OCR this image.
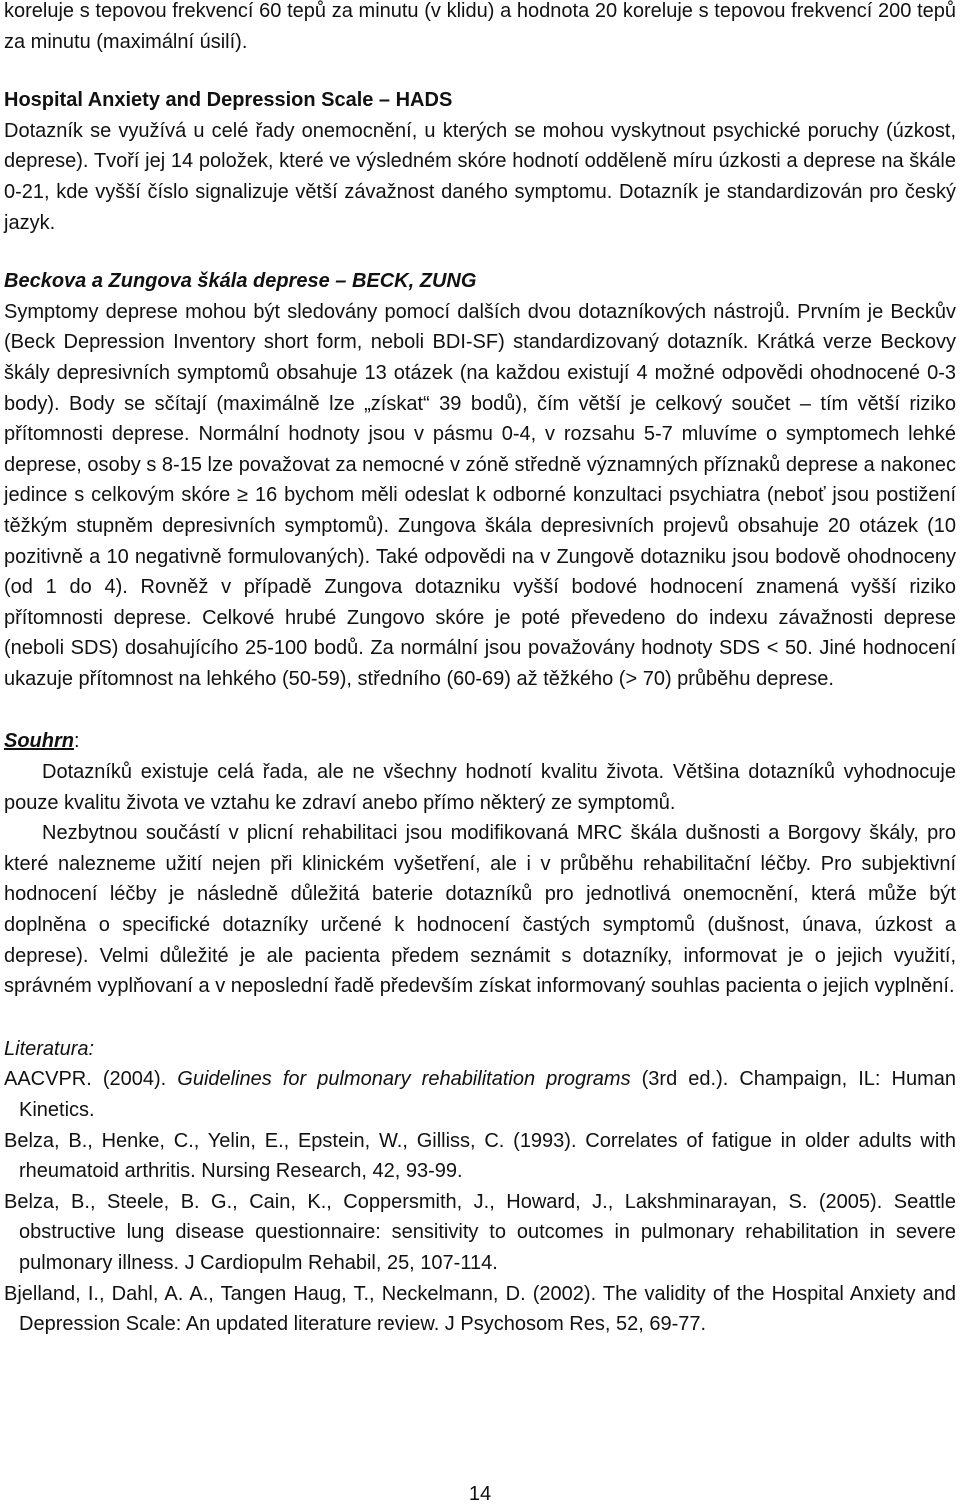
koreluje s tepovou frekvencí 60 tepů za minutu (v klidu) a hodnota 20 koreluje s tepovou frekvencí 200 tepů za minutu (maximální úsilí).

Hospital Anxiety and Depression Scale – HADS

Dotazník se využívá u celé řady onemocnění, u kterých se mohou vyskytnout psychické poruchy (úzkost, deprese). Tvoří jej 14 položek, které ve výsledném skóre hodnotí odděleně míru úzkosti a deprese na škále 0-21, kde vyšší číslo signalizuje větší závažnost daného symptomu. Dotazník je standardizován pro český jazyk.

Beckova a Zungova škála deprese – BECK, ZUNG

Symptomy deprese mohou být sledovány pomocí dalších dvou dotazníkových nástrojů. Prvním je Beckův (Beck Depression Inventory short form, neboli BDI-SF) standardizovaný dotazník. Krátká verze Beckovy škály depresivních symptomů obsahuje 13 otázek (na každou existují 4 možné odpovědi ohodnocené 0-3 body). Body se sčítají (maximálně lze „získat“ 39 bodů), čím větší je celkový součet – tím větší riziko přítomnosti deprese. Normální hodnoty jsou v pásmu 0-4, v rozsahu 5-7 mluvíme o symptomech lehké deprese, osoby s 8-15 lze považovat za nemocné v zóně středně významných příznaků deprese a nakonec jedince s celkovým skóre ≥ 16 bychom měli odeslat k odborné konzultaci psychiatra (neboť jsou postižení těžkým stupněm depresivních symptomů). Zungova škála depresivních projevů obsahuje 20 otázek (10 pozitivně a 10 negativně formulovaných). Také odpovědi na v Zungově dotazniku jsou bodově ohodnoceny (od 1 do 4). Rovněž v případě Zungova dotazniku vyšší bodové hodnocení znamená vyšší riziko přítomnosti deprese. Celkové hrubé Zungovo skóre je poté převedeno do indexu závažnosti deprese (neboli SDS) dosahujícího 25-100 bodů. Za normální jsou považovány hodnoty SDS < 50. Jiné hodnocení ukazuje přítomnost na lehkého (50-59), středního (60-69) až těžkého (> 70) průběhu deprese.

Souhrn:

Dotazníků existuje celá řada, ale ne všechny hodnotí kvalitu života. Většina dotazníků vyhodnocuje pouze kvalitu života ve vztahu ke zdraví anebo přímo některý ze symptomů.

Nezbytnou součástí v plicní rehabilitaci jsou modifikovaná MRC škála dušnosti a Borgovy škály, pro které nalezneme užití nejen při klinickém vyšetření, ale i v průběhu rehabilitační léčby. Pro subjektivní hodnocení léčby je následně důležitá baterie dotazníků pro jednotlivá onemocnění, která může být doplněna o specifické dotazníky určené k hodnocení častých symptomů (dušnost, únava, úzkost a deprese). Velmi důležité je ale pacienta předem seznámit s dotazníky, informovat je o jejich využití, správném vyplňovaní a v neposlední řadě především získat informovaný souhlas pacienta o jejich vyplnění.

Literatura:
AACVPR. (2004). Guidelines for pulmonary rehabilitation programs (3rd ed.). Champaign, IL: Human Kinetics.
Belza, B., Henke, C., Yelin, E., Epstein, W., Gilliss, C. (1993). Correlates of fatigue in older adults with rheumatoid arthritis. Nursing Research, 42, 93-99.
Belza, B., Steele, B. G., Cain, K., Coppersmith, J., Howard, J., Lakshminarayan, S. (2005). Seattle obstructive lung disease questionnaire: sensitivity to outcomes in pulmonary rehabilitation in severe pulmonary illness. J Cardiopulm Rehabil, 25, 107-114.
Bjelland, I., Dahl, A. A., Tangen Haug, T., Neckelmann, D. (2002). The validity of the Hospital Anxiety and Depression Scale: An updated literature review. J Psychosom Res, 52, 69-77.
14
